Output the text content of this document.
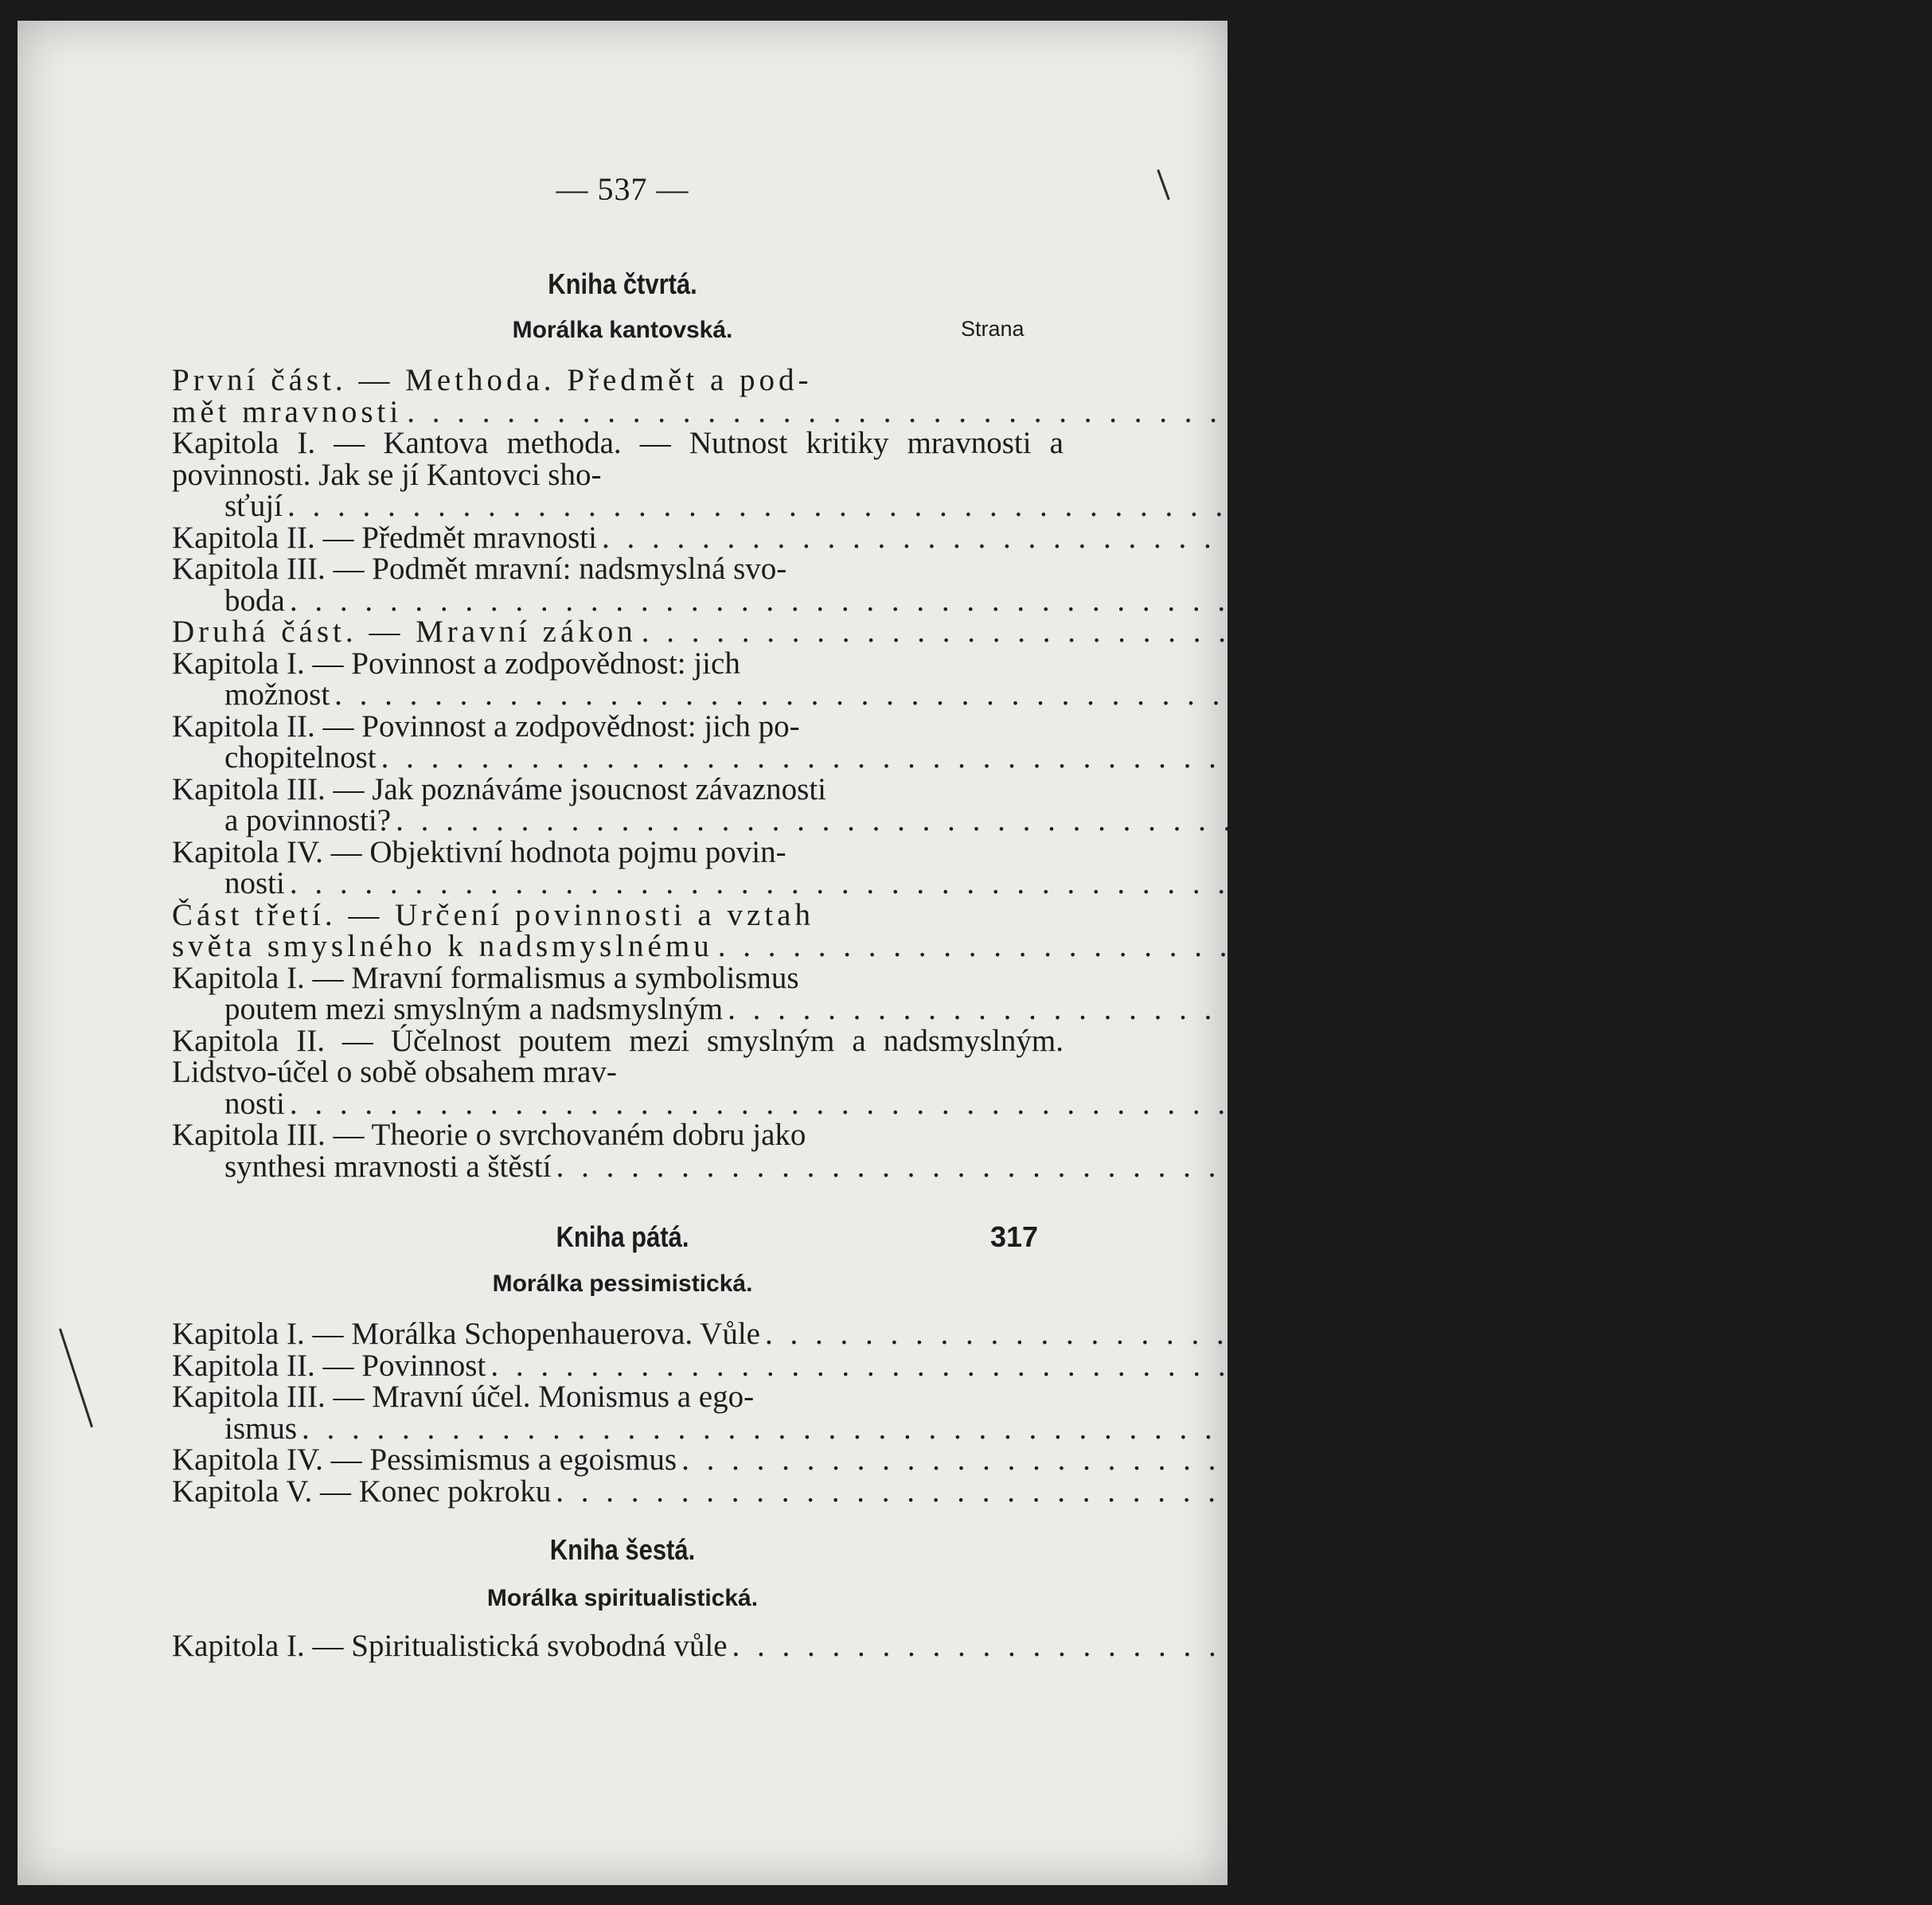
— 537 —
Kniha čtvrtá.
Morálka kantovská.	Strana
První část. — Methoda. Předmět a pod-
mět mravnosti . . . . . . . . . . . . . . . . . . . . . . . . . . . . . . . . . . . . . . . . . . . . . 173
Kapitola I. — Kantova methoda. — Nutnost kritiky mravnosti a povinnosti. Jak se jí Kantovci sho-
sťují . . . . . . . . . . . . . . . . . . . . . . . . . . . . . . . . . . . . . . . . . . . . . 175
Kapitola II. — Předmět mravnosti . . . . . . . . . . . . . . . . . . . . . . . . . . . . . . . . . . . . . . . . . . . . . 193
Kapitola III. — Podmět mravní: nadsmyslná svo-
boda . . . . . . . . . . . . . . . . . . . . . . . . . . . . . . . . . . . . . . . . . . . . . 203
Druhá část. — Mravní zákon . . . . . . . . . . . . . . . . . . . . . . . . . . . . . . . . . . . . . . . . . . . . . 220
Kapitola I. — Povinnost a zodpovědnost: jich
možnost . . . . . . . . . . . . . . . . . . . . . . . . . . . . . . . . . . . . . . . . . . . . . 221
Kapitola II. — Povinnost a zodpovědnost: jich po-
chopitelnost . . . . . . . . . . . . . . . . . . . . . . . . . . . . . . . . . . . . . . . . . . . . . 228
Kapitola III. — Jak poznáváme jsoucnost závaznosti
a povinnosti? . . . . . . . . . . . . . . . . . . . . . . . . . . . . . . . . . . . . . . . . . . . . . 237
Kapitola IV. — Objektivní hodnota pojmu povin-
nosti . . . . . . . . . . . . . . . . . . . . . . . . . . . . . . . . . . . . . . . . . . . . . 241
Část třetí. — Určení povinnosti a vztah
světa smyslného k nadsmyslnému . . . . . . . . . . . . . . . . . . . . . . . . . . . . . . . . . . . . . . . . . . . . . 260
Kapitola I. — Mravní formalismus a symbolismus
poutem mezi smyslným a nadsmyslným . . . . . . . . . . . . . . . . . . . . . . . . . . . . . . . . . . . . . . . . . . . . . 260
Kapitola II. — Účelnost poutem mezi smyslným a nadsmyslným. Lidstvo-účel o sobě obsahem mrav-
nosti . . . . . . . . . . . . . . . . . . . . . . . . . . . . . . . . . . . . . . . . . . . . . 298
Kapitola III. — Theorie o svrchovaném dobru jako
synthesi mravnosti a štěstí . . . . . . . . . . . . . . . . . . . . . . . . . . . . . . . . . . . . . . . . . . . . . 304
Kniha pátá.	317
Morálka pessimistická.
Kapitola I. — Morálka Schopenhauerova. Vůle . . . . . . . . . . . . . . . . . . . . . . . . . . . . . . . . . . . . . . . . . . . . . 318
Kapitola II. — Povinnost . . . . . . . . . . . . . . . . . . . . . . . . . . . . . . . . . . . . . . . . . . . . . 328
Kapitola III. — Mravní účel. Monismus a ego-
ismus . . . . . . . . . . . . . . . . . . . . . . . . . . . . . . . . . . . . . . . . . . . . . 333
Kapitola IV. — Pessimismus a egoismus . . . . . . . . . . . . . . . . . . . . . . . . . . . . . . . . . . . . . . . . . . . . . 344
Kapitola V. — Konec pokroku . . . . . . . . . . . . . . . . . . . . . . . . . . . . . . . . . . . . . . . . . . . . . 355
Kniha šestá.
Morálka spiritualistická.
Kapitola I. — Spiritualistická svobodná vůle . . . . . . . . . . . . . . . . . . . . . . . . . . . . . . . . . . . . . . . . . . . . . 367
